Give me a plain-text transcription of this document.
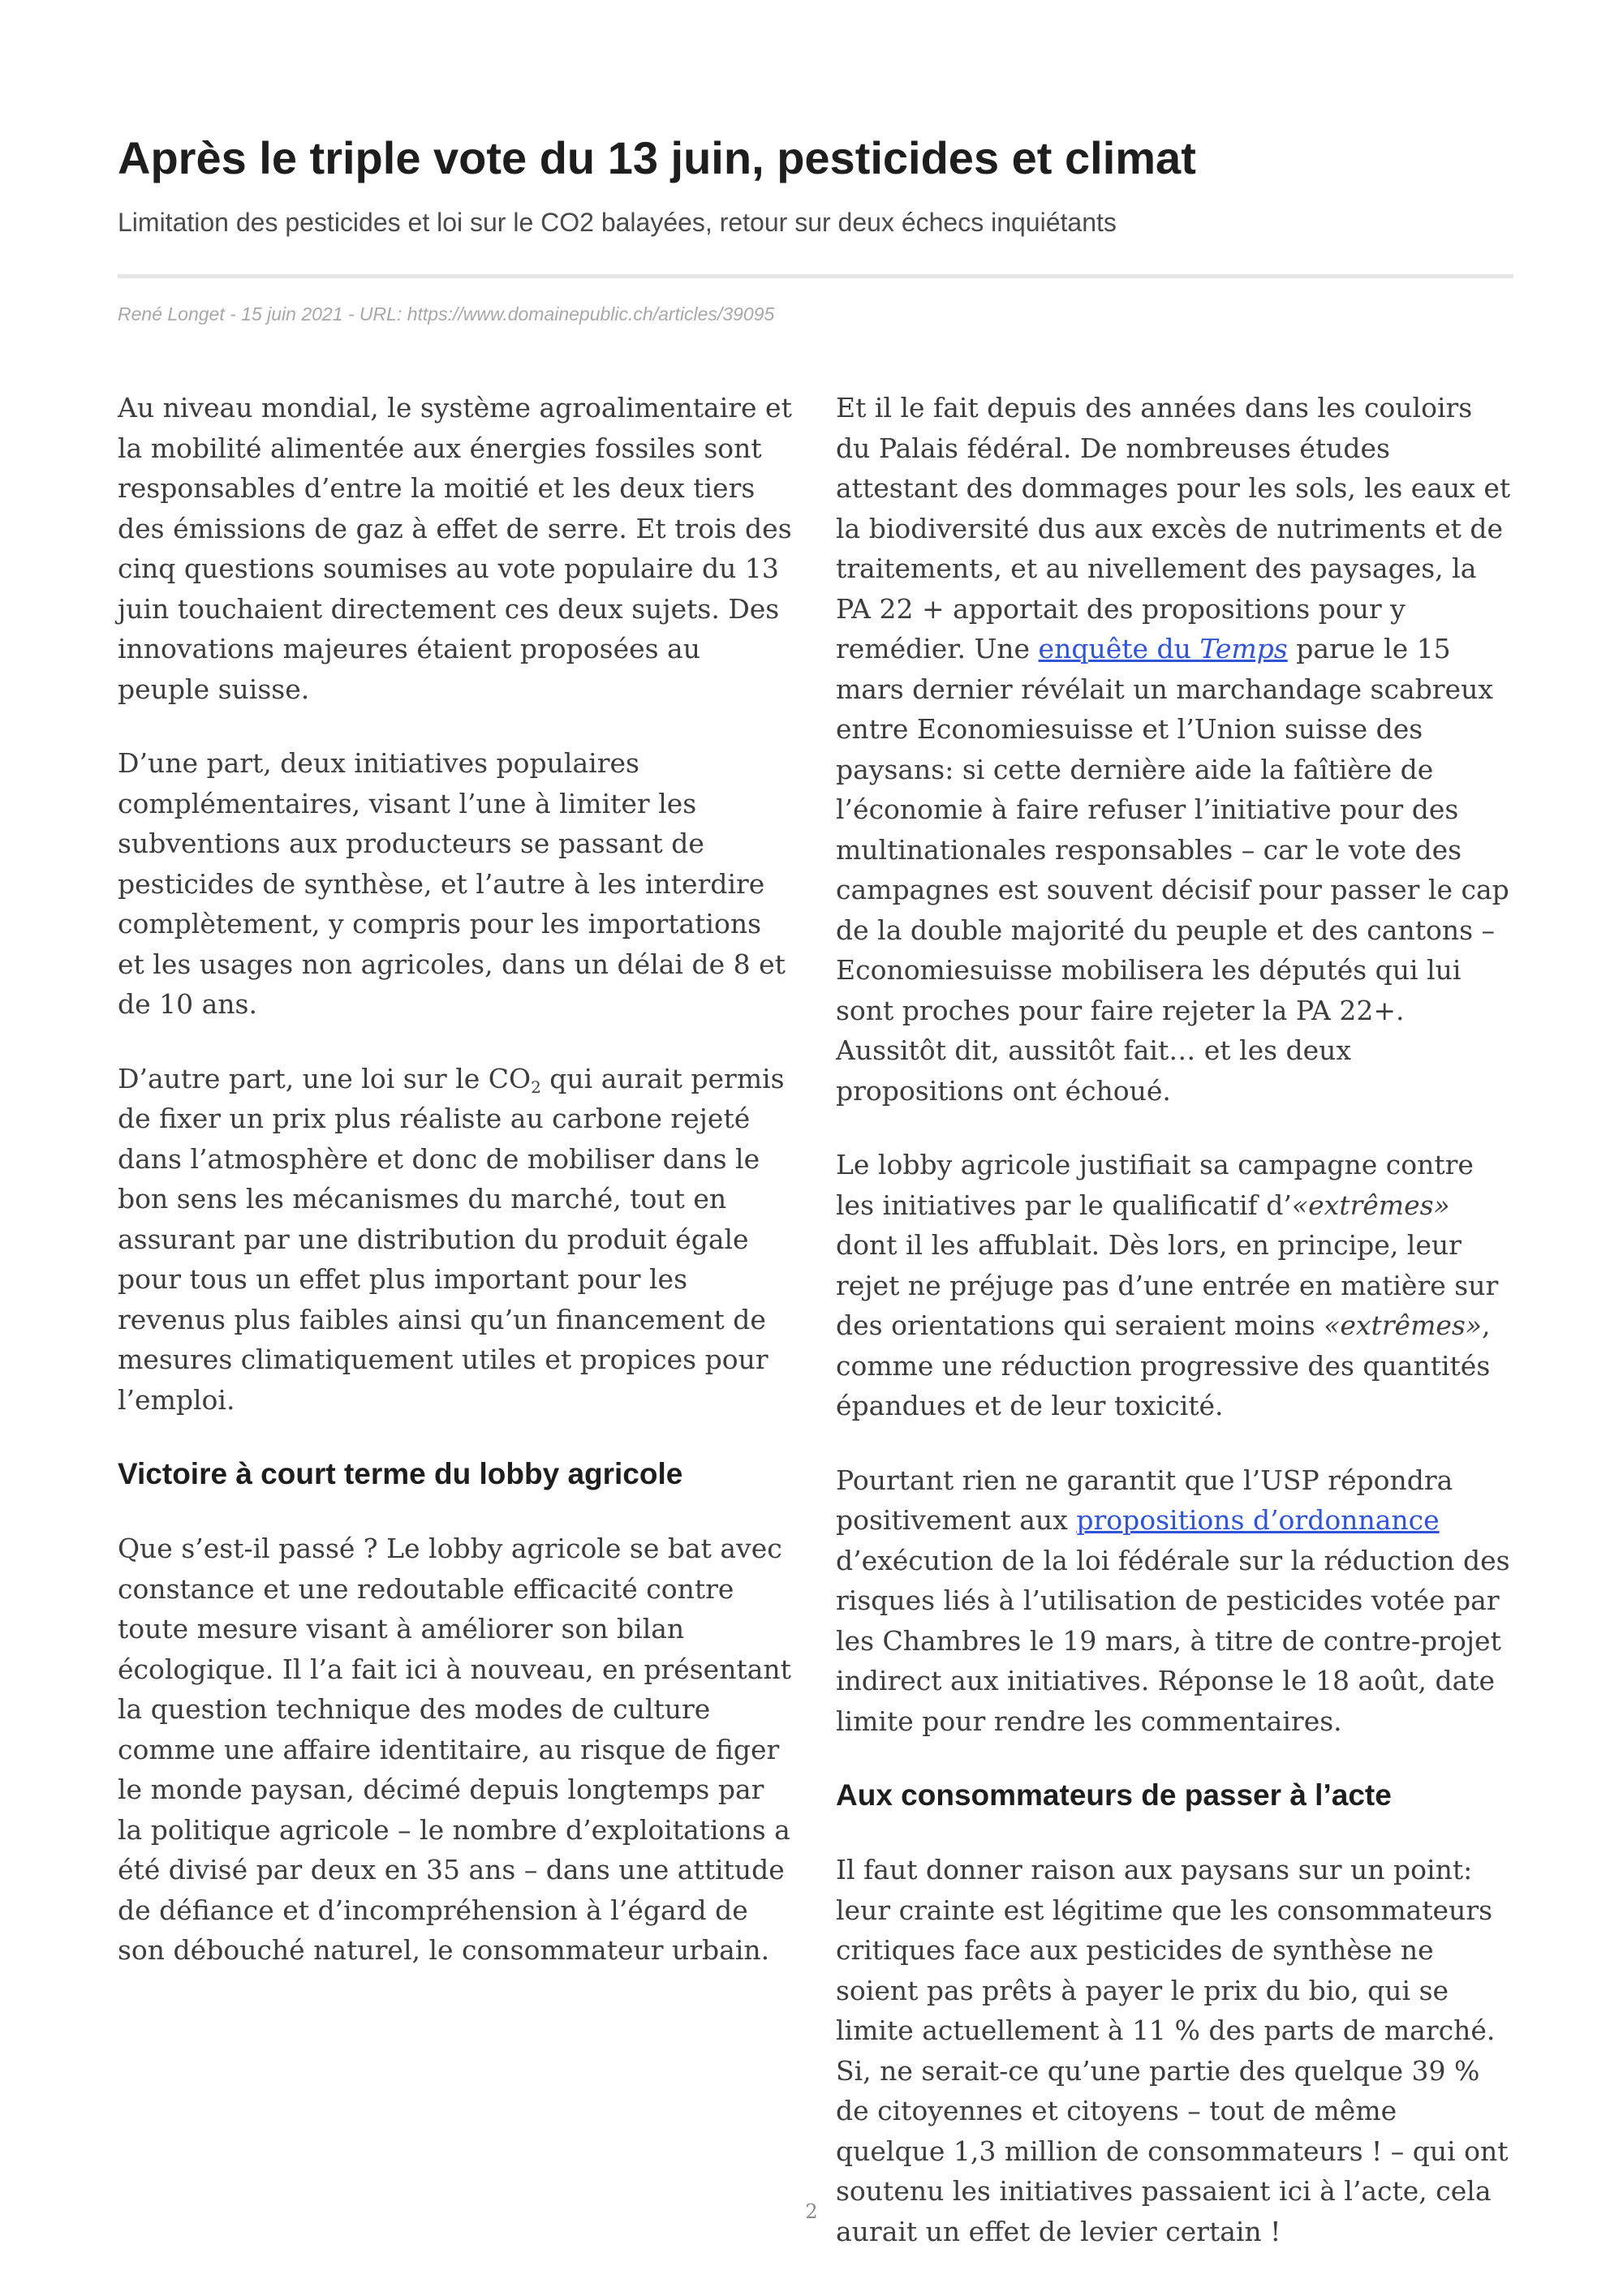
Après le triple vote du 13 juin, pesticides et climat
Limitation des pesticides et loi sur le CO2 balayées, retour sur deux échecs inquiétants
René Longet - 15 juin 2021 - URL: https://www.domainepublic.ch/articles/39095

Au niveau mondial, le système agroalimentaire et la mobilité alimentée aux énergies fossiles sont responsables d’entre la moitié et les deux tiers des émissions de gaz à effet de serre. Et trois des cinq questions soumises au vote populaire du 13 juin touchaient directement ces deux sujets. Des innovations majeures étaient proposées au peuple suisse.

D’une part, deux initiatives populaires complémentaires, visant l’une à limiter les subventions aux producteurs se passant de pesticides de synthèse, et l’autre à les interdire complètement, y compris pour les importations et les usages non agricoles, dans un délai de 8 et de 10 ans.

D’autre part, une loi sur le $CO_2$ qui aurait permis de fixer un prix plus réaliste au carbone rejeté dans l’atmosphère et donc de mobiliser dans le bon sens les mécanismes du marché, tout en assurant par une distribution du produit égale pour tous un effet plus important pour les revenus plus faibles ainsi qu’un financement de mesures climatiquement utiles et propices pour l’emploi.

Victoire à court terme du lobby agricole

Que s’est-il passé ? Le lobby agricole se bat avec constance et une redoutable efficacité contre toute mesure visant à améliorer son bilan écologique. Il l’a fait ici à nouveau, en présentant la question technique des modes de culture comme une affaire identitaire, au risque de figer le monde paysan, décimé depuis longtemps par la politique agricole – le nombre d’exploitations a été divisé par deux en 35 ans – dans une attitude de défiance et d’incompréhension à l’égard de son débouché naturel, le consommateur urbain.

Et il le fait depuis des années dans les couloirs du Palais fédéral. De nombreuses études attestant des dommages pour les sols, les eaux et la biodiversité dus aux excès de nutriments et de traitements, et au nivellement des paysages, la PA 22 + apportait des propositions pour y remédier. Une enquête du Temps parue le 15 mars dernier révélait un marchandage scabreux entre Economiesuisse et l’Union suisse des paysans: si cette dernière aide la faîtière de l’économie à faire refuser l’initiative pour des multinationales responsables – car le vote des campagnes est souvent décisif pour passer le cap de la double majorité du peuple et des cantons – Economiesuisse mobilisera les députés qui lui sont proches pour faire rejeter la PA 22+. Aussitôt dit, aussitôt fait… et les deux propositions ont échoué.

Le lobby agricole justifiait sa campagne contre les initiatives par le qualificatif d’«extrêmes» dont il les affublait. Dès lors, en principe, leur rejet ne préjuge pas d’une entrée en matière sur des orientations qui seraient moins «extrêmes», comme une réduction progressive des quantités épandues et de leur toxicité.

Pourtant rien ne garantit que l’USP répondra positivement aux propositions d’ordonnance d’exécution de la loi fédérale sur la réduction des risques liés à l’utilisation de pesticides votée par les Chambres le 19 mars, à titre de contre-projet indirect aux initiatives. Réponse le 18 août, date limite pour rendre les commentaires.

Aux consommateurs de passer à l’acte

Il faut donner raison aux paysans sur un point: leur crainte est légitime que les consommateurs critiques face aux pesticides de synthèse ne soient pas prêts à payer le prix du bio, qui se limite actuellement à 11 % des parts de marché. Si, ne serait-ce qu’une partie des quelque 39 % de citoyennes et citoyens – tout de même quelque 1,3 million de consommateurs ! – qui ont soutenu les initiatives passaient ici à l’acte, cela aurait un effet de levier certain !

2
